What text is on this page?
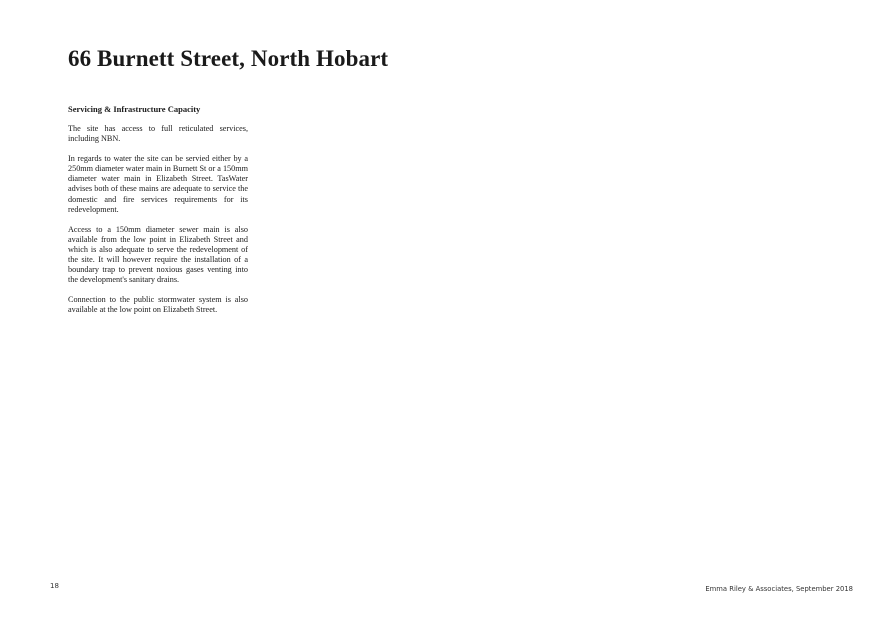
66 Burnett Street, North Hobart
Servicing & Infrastructure Capacity

The site has access to full reticulated services, including NBN.

In regards to water the site can be servied either by a 250mm diameter water main in Burnett St or a 150mm diameter water main in Elizabeth Street. TasWater advises both of these mains are adequate to service the domestic and fire services requirements for its redevelopment.

Access to a 150mm diameter sewer main is also available from the low point in Elizabeth Street and which is also adequate to serve the redevelopment of the site. It will however require the installation of a boundary trap to prevent noxious gases venting into the development's sanitary drains.

Connection to the public stormwater system is also available at the low point on Elizabeth Street.

18	Emma Riley & Associates, September 2018
